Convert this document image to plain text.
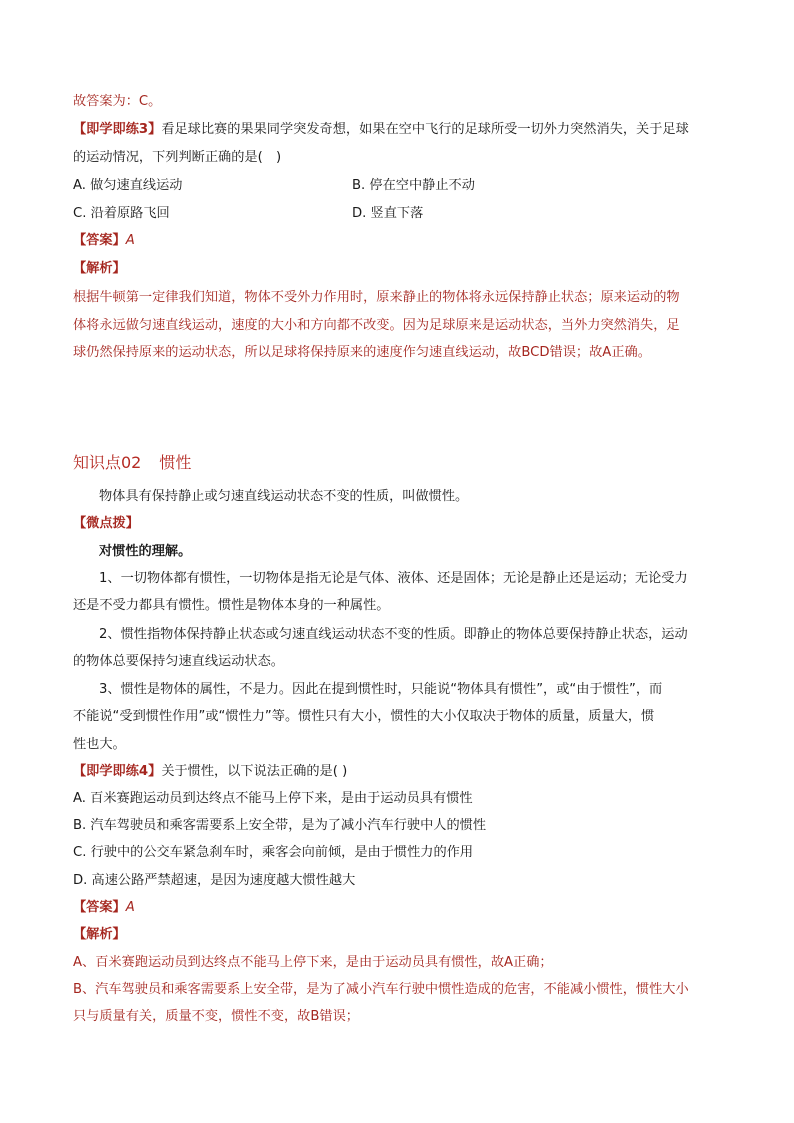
故答案为：C。
【即学即练3】看足球比赛的果果同学突发奇想，如果在空中飞行的足球所受一切外力突然消失，关于足球
的运动情况，下列判断正确的是(　)
A. 做匀速直线运动	B. 停在空中静止不动
C. 沿着原路飞回	D. 竖直下落
【答案】A
【解析】
根据牛顿第一定律我们知道，物体不受外力作用时，原来静止的物体将永远保持静止状态；原来运动的物
体将永远做匀速直线运动，速度的大小和方向都不改变。因为足球原来是运动状态，当外力突然消失，足
球仍然保持原来的运动状态，所以足球将保持原来的速度作匀速直线运动，故BCD错误；故A正确。
知识点02 惯性
物体具有保持静止或匀速直线运动状态不变的性质，叫做惯性。
【微点拨】
对惯性的理解。
1、一切物体都有惯性，一切物体是指无论是气体、液体、还是固体；无论是静止还是运动；无论受力
还是不受力都具有惯性。惯性是物体本身的一种属性。
2、惯性指物体保持静止状态或匀速直线运动状态不变的性质。即静止的物体总要保持静止状态，运动
的物体总要保持匀速直线运动状态。
3、惯性是物体的属性，不是力。因此在提到惯性时，只能说“物体具有惯性”，或“由于惯性”，而
不能说“受到惯性作用”或“惯性力”等。惯性只有大小，惯性的大小仅取决于物体的质量，质量大，惯
性也大。
【即学即练4】关于惯性，以下说法正确的是( )
A. 百米赛跑运动员到达终点不能马上停下来，是由于运动员具有惯性
B. 汽车驾驶员和乘客需要系上安全带，是为了减小汽车行驶中人的惯性
C. 行驶中的公交车紧急刹车时，乘客会向前倾，是由于惯性力的作用
D. 高速公路严禁超速，是因为速度越大惯性越大
【答案】A
【解析】
A、百米赛跑运动员到达终点不能马上停下来，是由于运动员具有惯性，故A正确；
B、汽车驾驶员和乘客需要系上安全带，是为了减小汽车行驶中惯性造成的危害，不能减小惯性，惯性大小
只与质量有关，质量不变，惯性不变，故B错误；
